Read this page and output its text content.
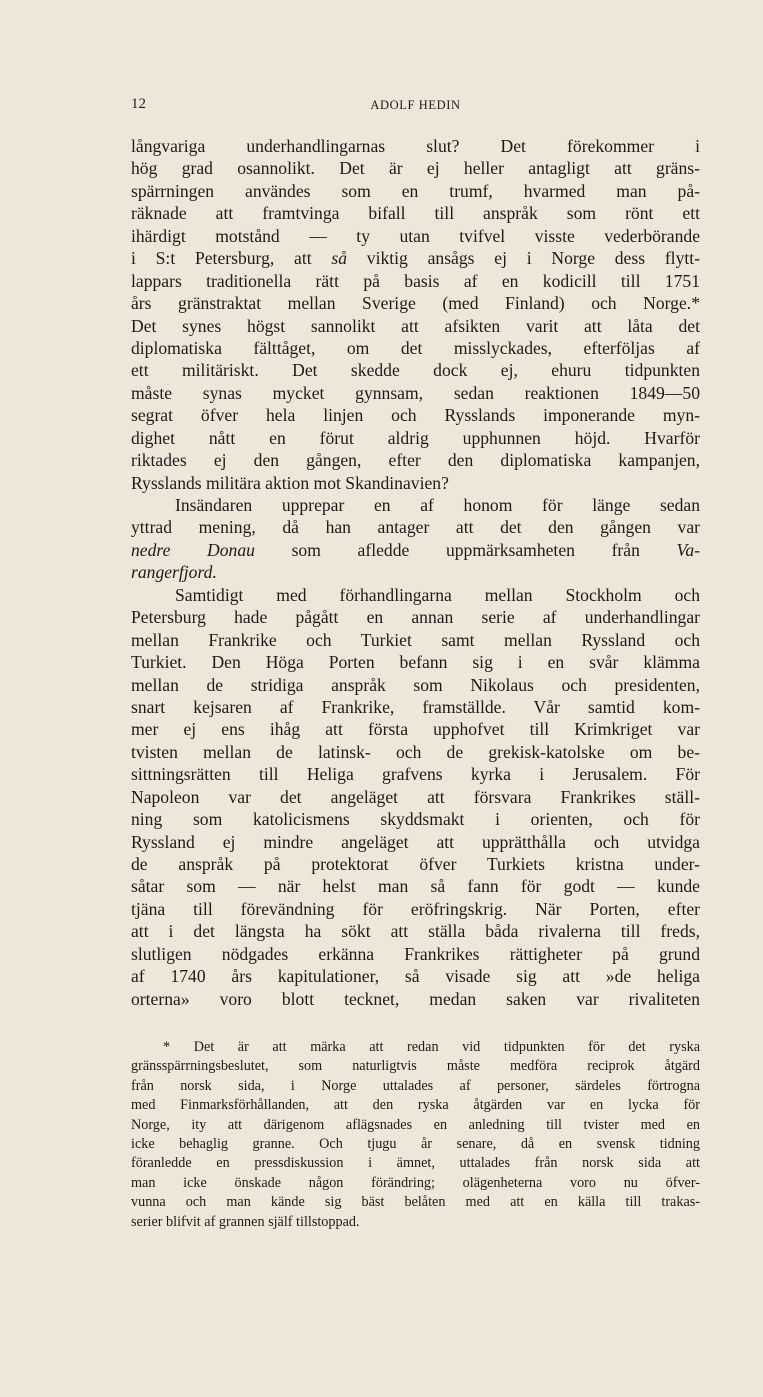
12	ADOLF HEDIN
långvariga underhandlingarnas slut? Det förekommer i
hög grad osannolikt. Det är ej heller antagligt att gräns-
spärrningen användes som en trumf, hvarmed man på-
räknade att framtvinga bifall till anspråk som rönt ett
ihärdigt motstånd — ty utan tvifvel visste vederbörande
i S:t Petersburg, att så viktig ansågs ej i Norge dess flytt-
lappars traditionella rätt på basis af en kodicill till 1751
års gränstraktat mellan Sverige (med Finland) och Norge.*
Det synes högst sannolikt att afsikten varit att låta det
diplomatiska fälttåget, om det misslyckades, efterföljas af
ett militäriskt. Det skedde dock ej, ehuru tidpunkten
måste synas mycket gynnsam, sedan reaktionen 1849—50
segrat öfver hela linjen och Rysslands imponerande myn-
dighet nått en förut aldrig upphunnen höjd. Hvarför
riktades ej den gången, efter den diplomatiska kampanjen,
Rysslands militära aktion mot Skandinavien?
Insändaren upprepar en af honom för länge sedan
yttrad mening, då han antager att det den gången var
nedre Donau som afledde uppmärksamheten från Va-
rangerfjord.
Samtidigt med förhandlingarna mellan Stockholm och
Petersburg hade pågått en annan serie af underhandlingar
mellan Frankrike och Turkiet samt mellan Ryssland och
Turkiet. Den Höga Porten befann sig i en svår klämma
mellan de stridiga anspråk som Nikolaus och presidenten,
snart kejsaren af Frankrike, framställde. Vår samtid kom-
mer ej ens ihåg att första upphofvet till Krimkriget var
tvisten mellan de latinsk- och de grekisk-katolske om be-
sittningsrätten till Heliga grafvens kyrka i Jerusalem. För
Napoleon var det angeläget att försvara Frankrikes ställ-
ning som katolicismens skyddsmakt i orienten, och för
Ryssland ej mindre angeläget att upprätthålla och utvidga
de anspråk på protektorat öfver Turkiets kristna under-
såtar som — när helst man så fann för godt — kunde
tjäna till förevändning för eröfringskrig. När Porten, efter
att i det längsta ha sökt att ställa båda rivalerna till freds,
slutligen nödgades erkänna Frankrikes rättigheter på grund
af 1740 års kapitulationer, så visade sig att »de heliga
orterna» voro blott tecknet, medan saken var rivaliteten
* Det är att märka att redan vid tidpunkten för det ryska
gränsspärrningsbeslutet, som naturligtvis måste medföra reciprok åtgärd
från norsk sida, i Norge uttalades af personer, särdeles förtrogna
med Finmarksförhållanden, att den ryska åtgärden var en lycka för
Norge, ity att därigenom aflägsnades en anledning till tvister med en
icke behaglig granne. Och tjugu år senare, då en svensk tidning
föranledde en pressdiskussion i ämnet, uttalades från norsk sida att
man icke önskade någon förändring; olägenheterna voro nu öfver-
vunna och man kände sig bäst belåten med att en källa till trakas-
serier blifvit af grannen själf tillstoppad.
